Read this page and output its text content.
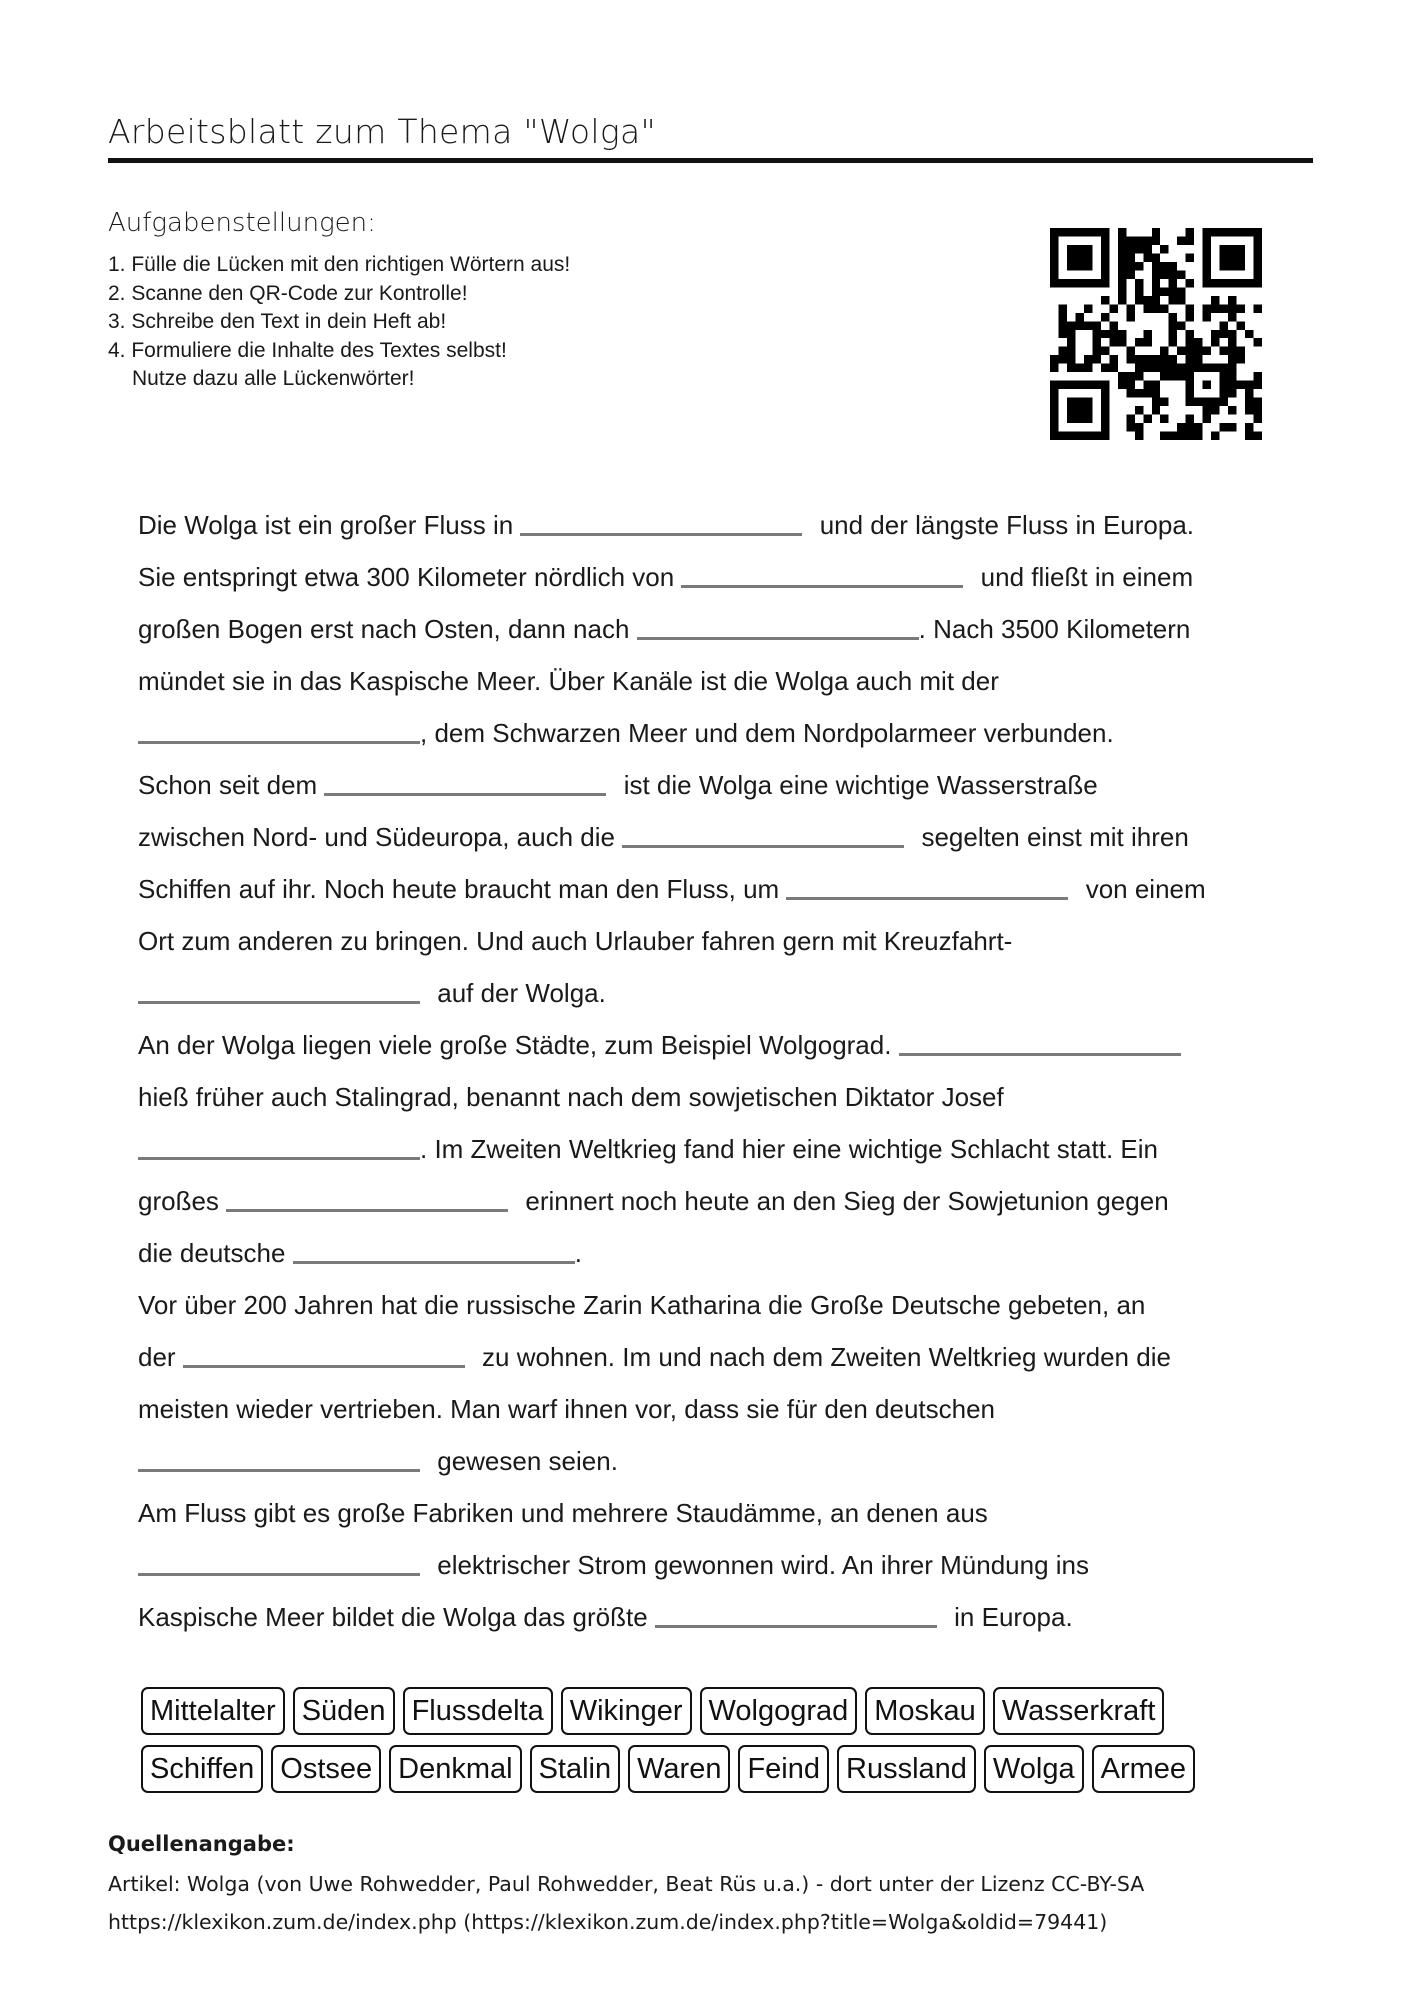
Arbeitsblatt zum Thema "Wolga"
Aufgabenstellungen:
1. Fülle die Lücken mit den richtigen Wörtern aus!
2. Scanne den QR-Code zur Kontrolle!
3. Schreibe den Text in dein Heft ab!
4. Formuliere die Inhalte des Textes selbst!
Nutze dazu alle Lückenwörter!
Die Wolga ist ein großer Fluss in	und der längste Fluss in Europa.
Sie entspringt etwa 300 Kilometer nördlich von	und fließt in einem
großen Bogen erst nach Osten, dann nach	. Nach 3500 Kilometern
mündet sie in das Kaspische Meer. Über Kanäle ist die Wolga auch mit der
, dem Schwarzen Meer und dem Nordpolarmeer verbunden.
Schon seit dem	ist die Wolga eine wichtige Wasserstraße
zwischen Nord- und Südeuropa, auch die	segelten einst mit ihren
Schiffen auf ihr. Noch heute braucht man den Fluss, um	von einem
Ort zum anderen zu bringen. Und auch Urlauber fahren gern mit Kreuzfahrt-
auf der Wolga.
An der Wolga liegen viele große Städte, zum Beispiel Wolgograd.
hieß früher auch Stalingrad, benannt nach dem sowjetischen Diktator Josef
. Im Zweiten Weltkrieg fand hier eine wichtige Schlacht statt. Ein
großes	erinnert noch heute an den Sieg der Sowjetunion gegen
die deutsche	.
Vor über 200 Jahren hat die russische Zarin Katharina die Große Deutsche gebeten, an
der	zu wohnen. Im und nach dem Zweiten Weltkrieg wurden die
meisten wieder vertrieben. Man warf ihnen vor, dass sie für den deutschen
gewesen seien.
Am Fluss gibt es große Fabriken und mehrere Staudämme, an denen aus
elektrischer Strom gewonnen wird. An ihrer Mündung ins
Kaspische Meer bildet die Wolga das größte	in Europa.
Mittelalter Süden Flussdelta Wikinger Wolgograd Moskau Wasserkraft
Schiffen Ostsee Denkmal Stalin Waren Feind Russland Wolga Armee
Quellenangabe:
Artikel: Wolga (von Uwe Rohwedder, Paul Rohwedder, Beat Rüs u.a.) - dort unter der Lizenz CC-BY-SA
https://klexikon.zum.de/index.php (https://klexikon.zum.de/index.php?title=Wolga&oldid=79441)
